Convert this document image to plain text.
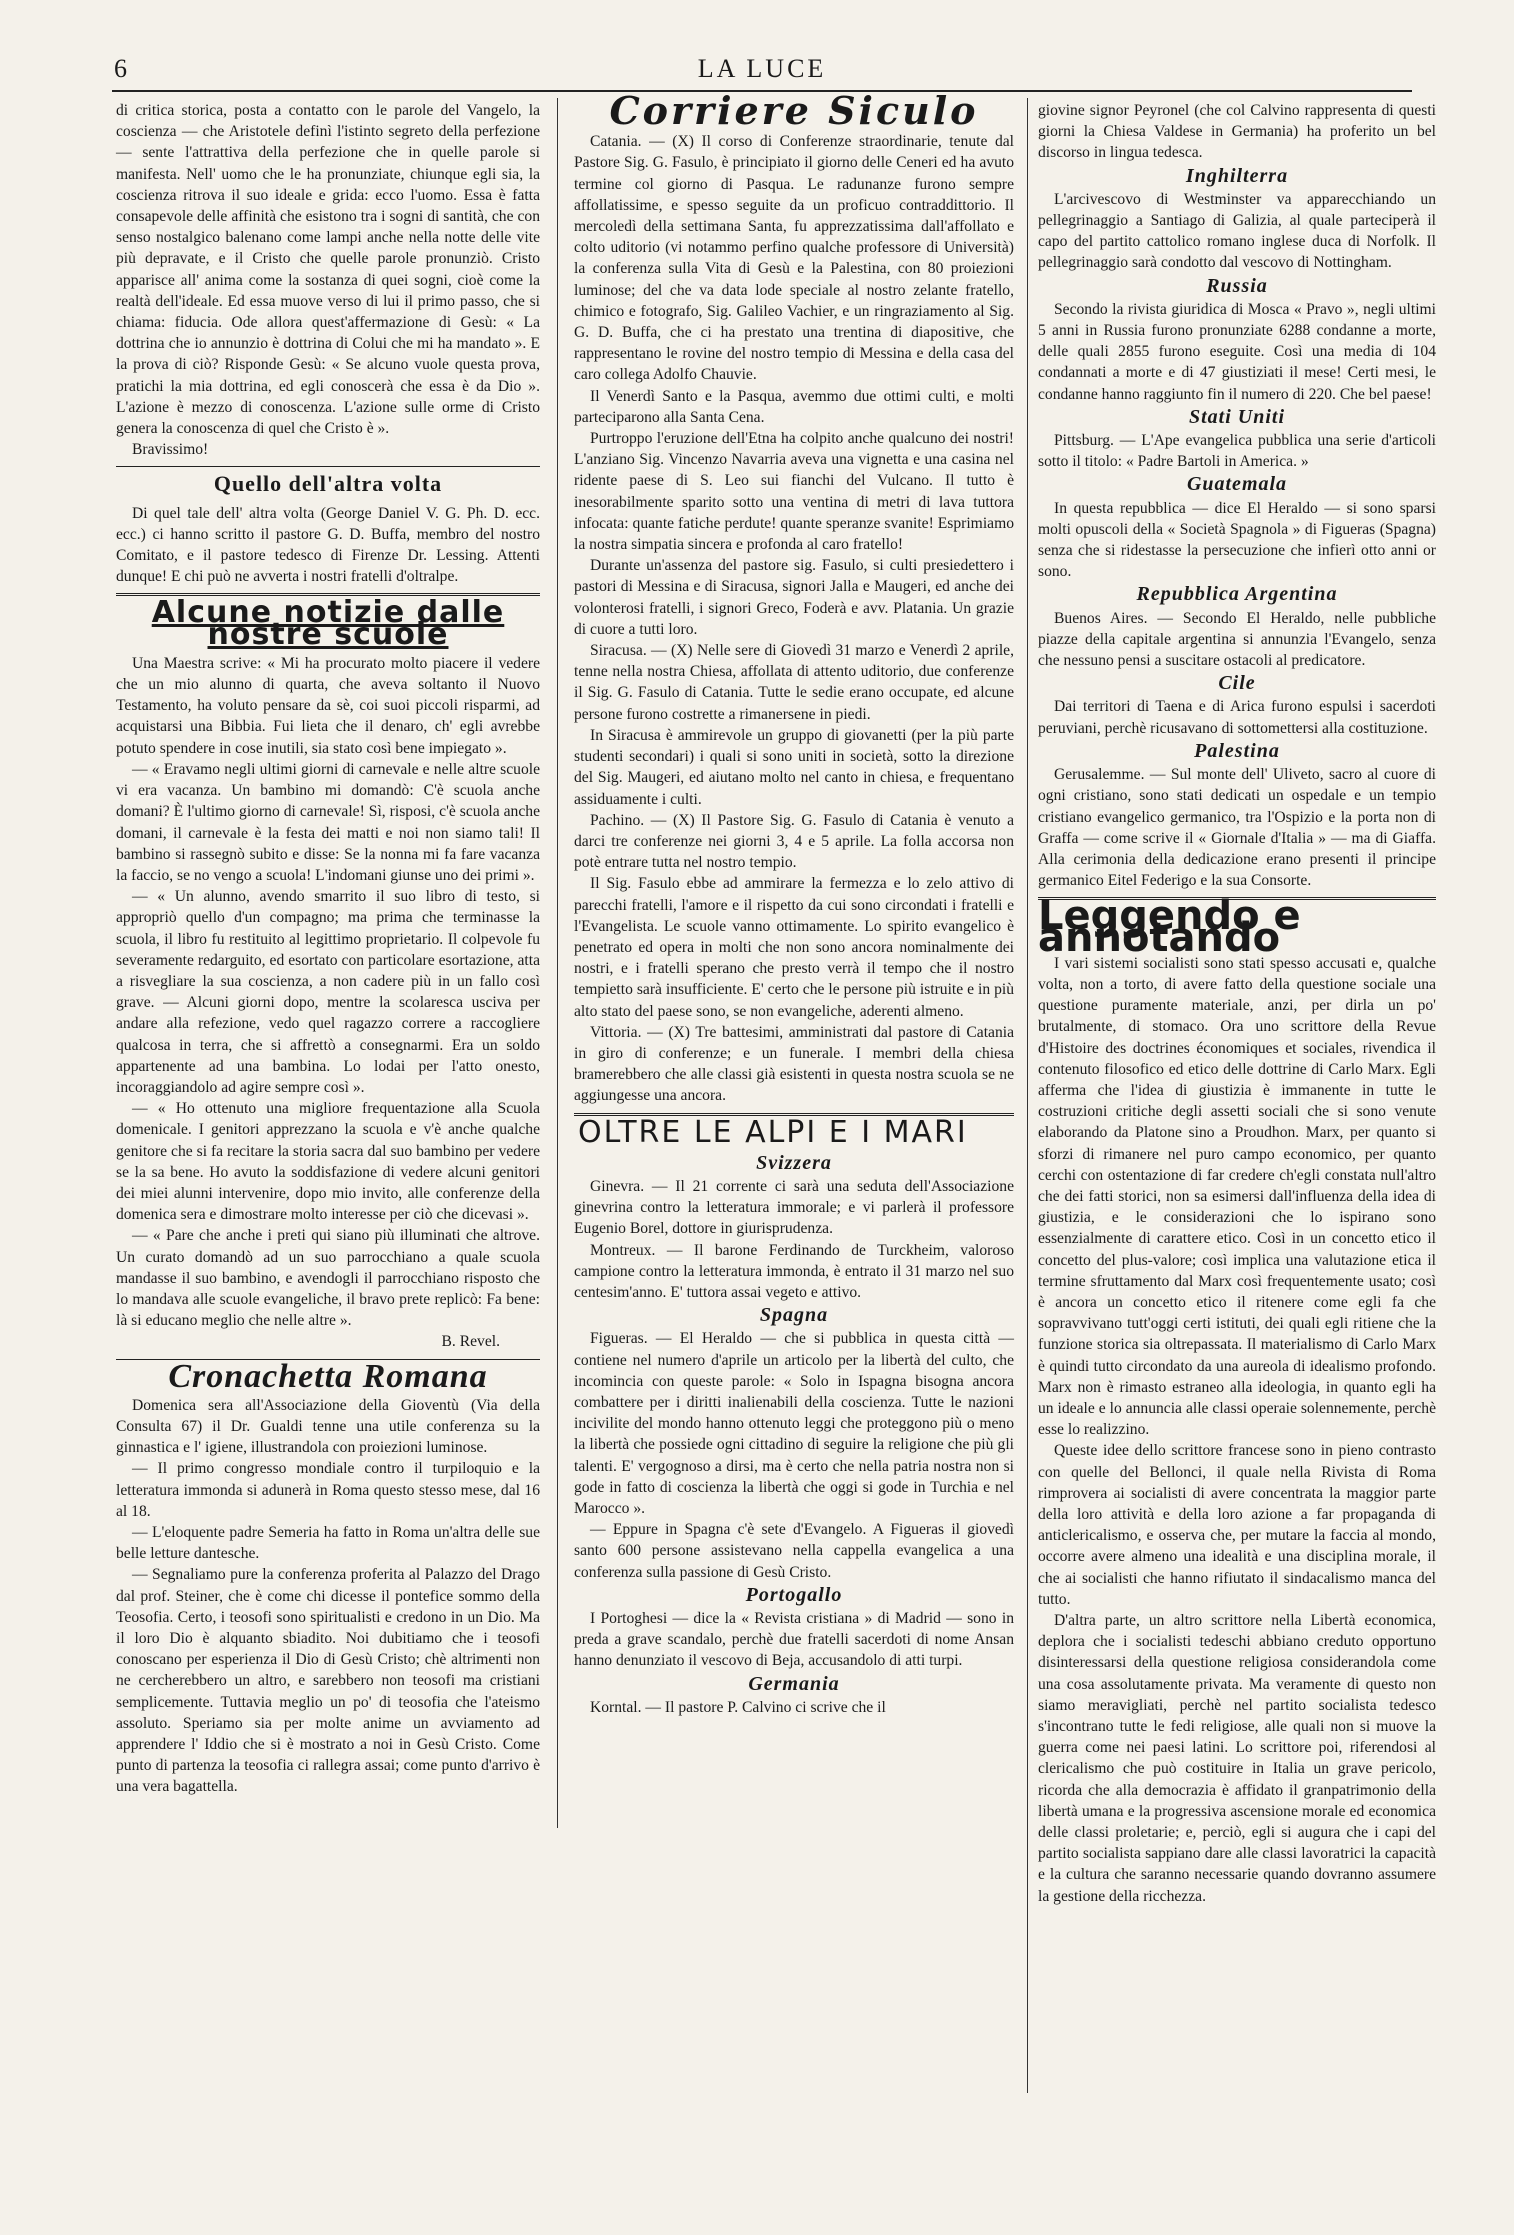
6	LA LUCE

di critica storica, posta a contatto con le parole del Vangelo, la coscienza — che Aristotele definì l'istinto segreto della perfezione — sente l'attrattiva della perfezione che in quelle parole si manifesta. Nell' uomo che le ha pronunziate, chiunque egli sia, la coscienza ritrova il suo ideale e grida: ecco l'uomo. Essa è fatta consapevole delle affinità che esistono tra i sogni di santità, che con senso nostalgico balenano come lampi anche nella notte delle vite più depravate, e il Cristo che quelle parole pronunziò. Cristo apparisce all' anima come la sostanza di quei sogni, cioè come la realtà dell'ideale. Ed essa muove verso di lui il primo passo, che si chiama: fiducia. Ode allora quest'affermazione di Gesù: « La dottrina che io annunzio è dottrina di Colui che mi ha mandato ». E la prova di ciò? Risponde Gesù: « Se alcuno vuole questa prova, pratichi la mia dottrina, ed egli conoscerà che essa è da Dio ». L'azione è mezzo di conoscenza. L'azione sulle orme di Cristo genera la conoscenza di quel che Cristo è ».

Bravissimo!

Quello dell'altra volta

Di quel tale dell' altra volta (George Daniel V. G. Ph. D. ecc. ecc.) ci hanno scritto il pastore G. D. Buffa, membro del nostro Comitato, e il pastore tedesco di Firenze Dr. Lessing. Attenti dunque! E chi può ne avverta i nostri fratelli d'oltralpe.

Alcune notizie dalle nostre scuole

Una Maestra scrive: « Mi ha procurato molto piacere il vedere che un mio alunno di quarta, che aveva soltanto il Nuovo Testamento, ha voluto pensare da sè, coi suoi piccoli risparmi, ad acquistarsi una Bibbia. Fui lieta che il denaro, ch' egli avrebbe potuto spendere in cose inutili, sia stato così bene impiegato ».

— « Eravamo negli ultimi giorni di carnevale e nelle altre scuole vi era vacanza. Un bambino mi domandò: C'è scuola anche domani? È l'ultimo giorno di carnevale! Sì, risposi, c'è scuola anche domani, il carnevale è la festa dei matti e noi non siamo tali! Il bambino si rassegnò subito e disse: Se la nonna mi fa fare vacanza la faccio, se no vengo a scuola! L'indomani giunse uno dei primi ».

— « Un alunno, avendo smarrito il suo libro di testo, si appropriò quello d'un compagno; ma prima che terminasse la scuola, il libro fu restituito al legittimo proprietario. Il colpevole fu severamente redarguito, ed esortato con particolare esortazione, atta a risvegliare la sua coscienza, a non cadere più in un fallo così grave. — Alcuni giorni dopo, mentre la scolaresca usciva per andare alla refezione, vedo quel ragazzo correre a raccogliere qualcosa in terra, che si affrettò a consegnarmi. Era un soldo appartenente ad una bambina. Lo lodai per l'atto onesto, incoraggiandolo ad agire sempre così ».

— « Ho ottenuto una migliore frequentazione alla Scuola domenicale. I genitori apprezzano la scuola e v'è anche qualche genitore che si fa recitare la storia sacra dal suo bambino per vedere se la sa bene. Ho avuto la soddisfazione di vedere alcuni genitori dei miei alunni intervenire, dopo mio invito, alle conferenze della domenica sera e dimostrare molto interesse per ciò che dicevasi ».

— « Pare che anche i preti qui siano più illuminati che altrove. Un curato domandò ad un suo parrocchiano a quale scuola mandasse il suo bambino, e avendogli il parrocchiano risposto che lo mandava alle scuole evangeliche, il bravo prete replicò: Fa bene: là si educano meglio che nelle altre ».

B. Revel.

Cronachetta Romana

Domenica sera all'Associazione della Gioventù (Via della Consulta 67) il Dr. Gualdi tenne una utile conferenza su la ginnastica e l' igiene, illustrandola con proiezioni luminose.

— Il primo congresso mondiale contro il turpiloquio e la letteratura immonda si adunerà in Roma questo stesso mese, dal 16 al 18.

— L'eloquente padre Semeria ha fatto in Roma un'altra delle sue belle letture dantesche.

— Segnaliamo pure la conferenza proferita al Palazzo del Drago dal prof. Steiner, che è come chi dicesse il pontefice sommo della Teosofia. Certo, i teosofi sono spiritualisti e credono in un Dio. Ma il loro Dio è alquanto sbiadito. Noi dubitiamo che i teosofi conoscano per esperienza il Dio di Gesù Cristo; chè altrimenti non ne cercherebbero un altro, e sarebbero non teosofi ma cristiani semplicemente. Tuttavia meglio un po' di teosofia che l'ateismo assoluto. Speriamo sia per molte anime un avviamento ad apprendere l' Iddio che si è mostrato a noi in Gesù Cristo. Come punto di partenza la teosofia ci rallegra assai; come punto d'arrivo è una vera bagattella.

Corriere Siculo

Catania. — (X) Il corso di Conferenze straordinarie, tenute dal Pastore Sig. G. Fasulo, è principiato il giorno delle Ceneri ed ha avuto termine col giorno di Pasqua. Le radunanze furono sempre affollatissime, e spesso seguite da un proficuo contraddittorio. Il mercoledì della settimana Santa, fu apprezzatissima dall'affollato e colto uditorio (vi notammo perfino qualche professore di Università) la conferenza sulla Vita di Gesù e la Palestina, con 80 proiezioni luminose; del che va data lode speciale al nostro zelante fratello, chimico e fotografo, Sig. Galileo Vachier, e un ringraziamento al Sig. G. D. Buffa, che ci ha prestato una trentina di diapositive, che rappresentano le rovine del nostro tempio di Messina e della casa del caro collega Adolfo Chauvie.

Il Venerdì Santo e la Pasqua, avemmo due ottimi culti, e molti parteciparono alla Santa Cena.

Purtroppo l'eruzione dell'Etna ha colpito anche qualcuno dei nostri! L'anziano Sig. Vincenzo Navarria aveva una vignetta e una casina nel ridente paese di S. Leo sui fianchi del Vulcano. Il tutto è inesorabilmente sparito sotto una ventina di metri di lava tuttora infocata: quante fatiche perdute! quante speranze svanite! Esprimiamo la nostra simpatia sincera e profonda al caro fratello!

Durante un'assenza del pastore sig. Fasulo, si culti presiedettero i pastori di Messina e di Siracusa, signori Jalla e Maugeri, ed anche dei volonterosi fratelli, i signori Greco, Foderà e avv. Platania. Un grazie di cuore a tutti loro.

Siracusa. — (X) Nelle sere di Giovedì 31 marzo e Venerdì 2 aprile, tenne nella nostra Chiesa, affollata di attento uditorio, due conferenze il Sig. G. Fasulo di Catania. Tutte le sedie erano occupate, ed alcune persone furono costrette a rimanersene in piedi.

In Siracusa è ammirevole un gruppo di giovanetti (per la più parte studenti secondari) i quali si sono uniti in società, sotto la direzione del Sig. Maugeri, ed aiutano molto nel canto in chiesa, e frequentano assiduamente i culti.

Pachino. — (X) Il Pastore Sig. G. Fasulo di Catania è venuto a darci tre conferenze nei giorni 3, 4 e 5 aprile. La folla accorsa non potè entrare tutta nel nostro tempio.

Il Sig. Fasulo ebbe ad ammirare la fermezza e lo zelo attivo di parecchi fratelli, l'amore e il rispetto da cui sono circondati i fratelli e l'Evangelista. Le scuole vanno ottimamente. Lo spirito evangelico è penetrato ed opera in molti che non sono ancora nominalmente dei nostri, e i fratelli sperano che presto verrà il tempo che il nostro tempietto sarà insufficiente. E' certo che le persone più istruite e in più alto stato del paese sono, se non evangeliche, aderenti almeno.

Vittoria. — (X) Tre battesimi, amministrati dal pastore di Catania in giro di conferenze; e un funerale. I membri della chiesa bramerebbero che alle classi già esistenti in questa nostra scuola se ne aggiungesse una ancora.

OLTRE LE ALPI E I MARI
Svizzera

Ginevra. — Il 21 corrente ci sarà una seduta dell'Associazione ginevrina contro la letteratura immorale; e vi parlerà il professore Eugenio Borel, dottore in giurisprudenza.

Montreux. — Il barone Ferdinando de Turckheim, valoroso campione contro la letteratura immonda, è entrato il 31 marzo nel suo centesim'anno. E' tuttora assai vegeto e attivo.

Spagna

Figueras. — El Heraldo — che si pubblica in questa città — contiene nel numero d'aprile un articolo per la libertà del culto, che incomincia con queste parole: « Solo in Ispagna bisogna ancora combattere per i diritti inalienabili della coscienza. Tutte le nazioni incivilite del mondo hanno ottenuto leggi che proteggono più o meno la libertà che possiede ogni cittadino di seguire la religione che più gli talenti. E' vergognoso a dirsi, ma è certo che nella patria nostra non si gode in fatto di coscienza la libertà che oggi si gode in Turchia e nel Marocco ».

— Eppure in Spagna c'è sete d'Evangelo. A Figueras il giovedì santo 600 persone assistevano nella cappella evangelica a una conferenza sulla passione di Gesù Cristo.

Portogallo

I Portoghesi — dice la « Revista cristiana » di Madrid — sono in preda a grave scandalo, perchè due fratelli sacerdoti di nome Ansan hanno denunziato il vescovo di Beja, accusandolo di atti turpi.

Germania

Korntal. — Il pastore P. Calvino ci scrive che il

giovine signor Peyronel (che col Calvino rappresenta di questi giorni la Chiesa Valdese in Germania) ha proferito un bel discorso in lingua tedesca.

Inghilterra

L'arcivescovo di Westminster va apparecchiando un pellegrinaggio a Santiago di Galizia, al quale parteciperà il capo del partito cattolico romano inglese duca di Norfolk. Il pellegrinaggio sarà condotto dal vescovo di Nottingham.

Russia

Secondo la rivista giuridica di Mosca « Pravo », negli ultimi 5 anni in Russia furono pronunziate 6288 condanne a morte, delle quali 2855 furono eseguite. Così una media di 104 condannati a morte e di 47 giustiziati il mese! Certi mesi, le condanne hanno raggiunto fin il numero di 220. Che bel paese!

Stati Uniti

Pittsburg. — L'Ape evangelica pubblica una serie d'articoli sotto il titolo: « Padre Bartoli in America. »

Guatemala

In questa repubblica — dice El Heraldo — si sono sparsi molti opuscoli della « Società Spagnola » di Figueras (Spagna) senza che si ridestasse la persecuzione che infierì otto anni or sono.

Repubblica Argentina

Buenos Aires. — Secondo El Heraldo, nelle pubbliche piazze della capitale argentina si annunzia l'Evangelo, senza che nessuno pensi a suscitare ostacoli al predicatore.

Cile

Dai territori di Taena e di Arica furono espulsi i sacerdoti peruviani, perchè ricusavano di sottomettersi alla costituzione.

Palestina

Gerusalemme. — Sul monte dell' Uliveto, sacro al cuore di ogni cristiano, sono stati dedicati un ospedale e un tempio cristiano evangelico germanico, tra l'Ospizio e la porta non di Graffa — come scrive il « Giornale d'Italia » — ma di Giaffa. Alla cerimonia della dedicazione erano presenti il principe germanico Eitel Federigo e la sua Consorte.

Leggendo e annotando

I vari sistemi socialisti sono stati spesso accusati e, qualche volta, non a torto, di avere fatto della questione sociale una questione puramente materiale, anzi, per dirla un po' brutalmente, di stomaco. Ora uno scrittore della Revue d'Histoire des doctrines économiques et sociales, rivendica il contenuto filosofico ed etico delle dottrine di Carlo Marx. Egli afferma che l'idea di giustizia è immanente in tutte le costruzioni critiche degli assetti sociali che si sono venute elaborando da Platone sino a Proudhon. Marx, per quanto si sforzi di rimanere nel puro campo economico, per quanto cerchi con ostentazione di far credere ch'egli constata null'altro che dei fatti storici, non sa esimersi dall'influenza della idea di giustizia, e le considerazioni che lo ispirano sono essenzialmente di carattere etico. Così in un concetto etico il concetto del plus-valore; così implica una valutazione etica il termine sfruttamento dal Marx così frequentemente usato; così è ancora un concetto etico il ritenere come egli fa che sopravvivano tutt'oggi certi istituti, dei quali egli ritiene che la funzione storica sia oltrepassata. Il materialismo di Carlo Marx è quindi tutto circondato da una aureola di idealismo profondo. Marx non è rimasto estraneo alla ideologia, in quanto egli ha un ideale e lo annuncia alle classi operaie solennemente, perchè esse lo realizzino.

Queste idee dello scrittore francese sono in pieno contrasto con quelle del Bellonci, il quale nella Rivista di Roma rimprovera ai socialisti di avere concentrata la maggior parte della loro attività e della loro azione a far propaganda di anticlericalismo, e osserva che, per mutare la faccia al mondo, occorre avere almeno una idealità e una disciplina morale, il che ai socialisti che hanno rifiutato il sindacalismo manca del tutto.

D'altra parte, un altro scrittore nella Libertà economica, deplora che i socialisti tedeschi abbiano creduto opportuno disinteressarsi della questione religiosa considerandola come una cosa assolutamente privata. Ma veramente di questo non siamo meravigliati, perchè nel partito socialista tedesco s'incontrano tutte le fedi religiose, alle quali non si muove la guerra come nei paesi latini. Lo scrittore poi, riferendosi al clericalismo che può costituire in Italia un grave pericolo, ricorda che alla democrazia è affidato il granpatrimonio della libertà umana e la progressiva ascensione morale ed economica delle classi proletarie; e, perciò, egli si augura che i capi del partito socialista sappiano dare alle classi lavoratrici la capacità e la cultura che saranno necessarie quando dovranno assumere la gestione della ricchezza.
